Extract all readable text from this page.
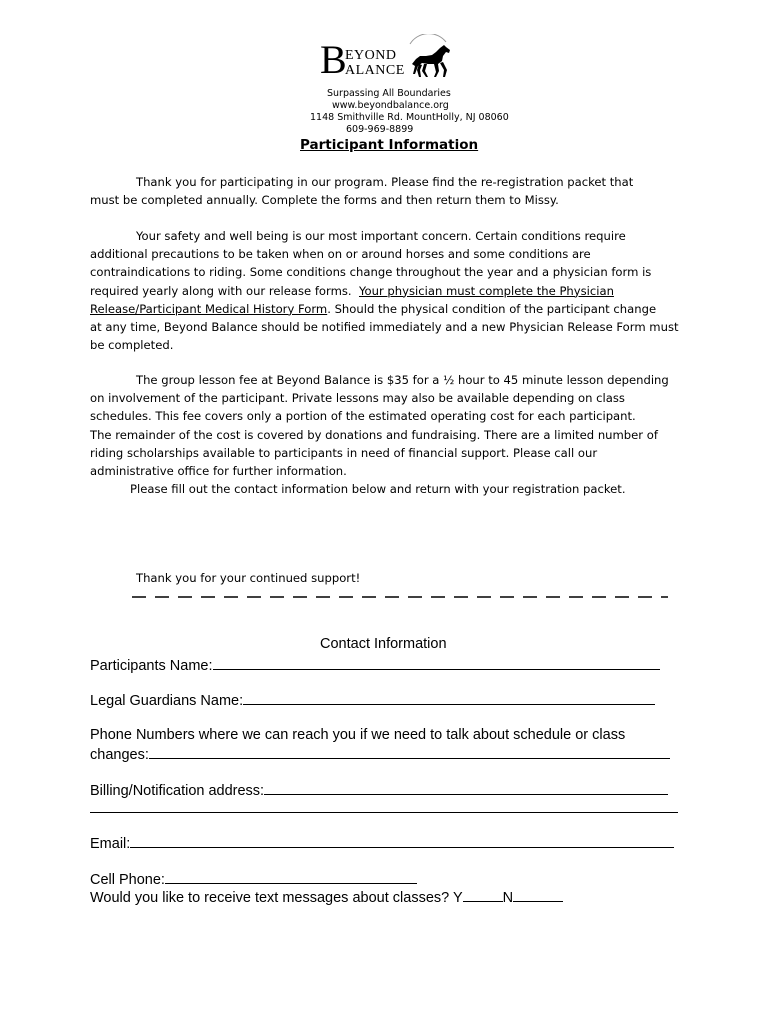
B
EYOND
ALANCE
Surpassing All Boundaries
www.beyondbalance.org
1148 Smithville Rd. MountHolly, NJ 08060
609-969-8899
Participant Information
Thank you for participating in our program. Please find the re-registration packet that
must be completed annually. Complete the forms and then return them to Missy.
Your safety and well being is our most important concern. Certain conditions require
additional precautions to be taken when on or around horses and some conditions are
contraindications to riding. Some conditions change throughout the year and a physician form is
required yearly along with our release forms.  Your physician must complete the Physician
Release/Participant Medical History Form. Should the physical condition of the participant change
at any time, Beyond Balance should be notified immediately and a new Physician Release Form must
be completed.
The group lesson fee at Beyond Balance is $35 for a ½ hour to 45 minute lesson depending
on involvement of the participant. Private lessons may also be available depending on class
schedules. This fee covers only a portion of the estimated operating cost for each participant.
The remainder of the cost is covered by donations and fundraising. There are a limited number of
riding scholarships available to participants in need of financial support. Please call our
administrative office for further information.
Please fill out the contact information below and return with your registration packet.
Thank you for your continued support!
Contact Information
Participants Name:
Legal Guardians Name:
Phone Numbers where we can reach you if we need to talk about schedule or class
changes:
Billing/Notification address:
Email:
Cell Phone:
Would you like to receive text messages about classes? Y	N
